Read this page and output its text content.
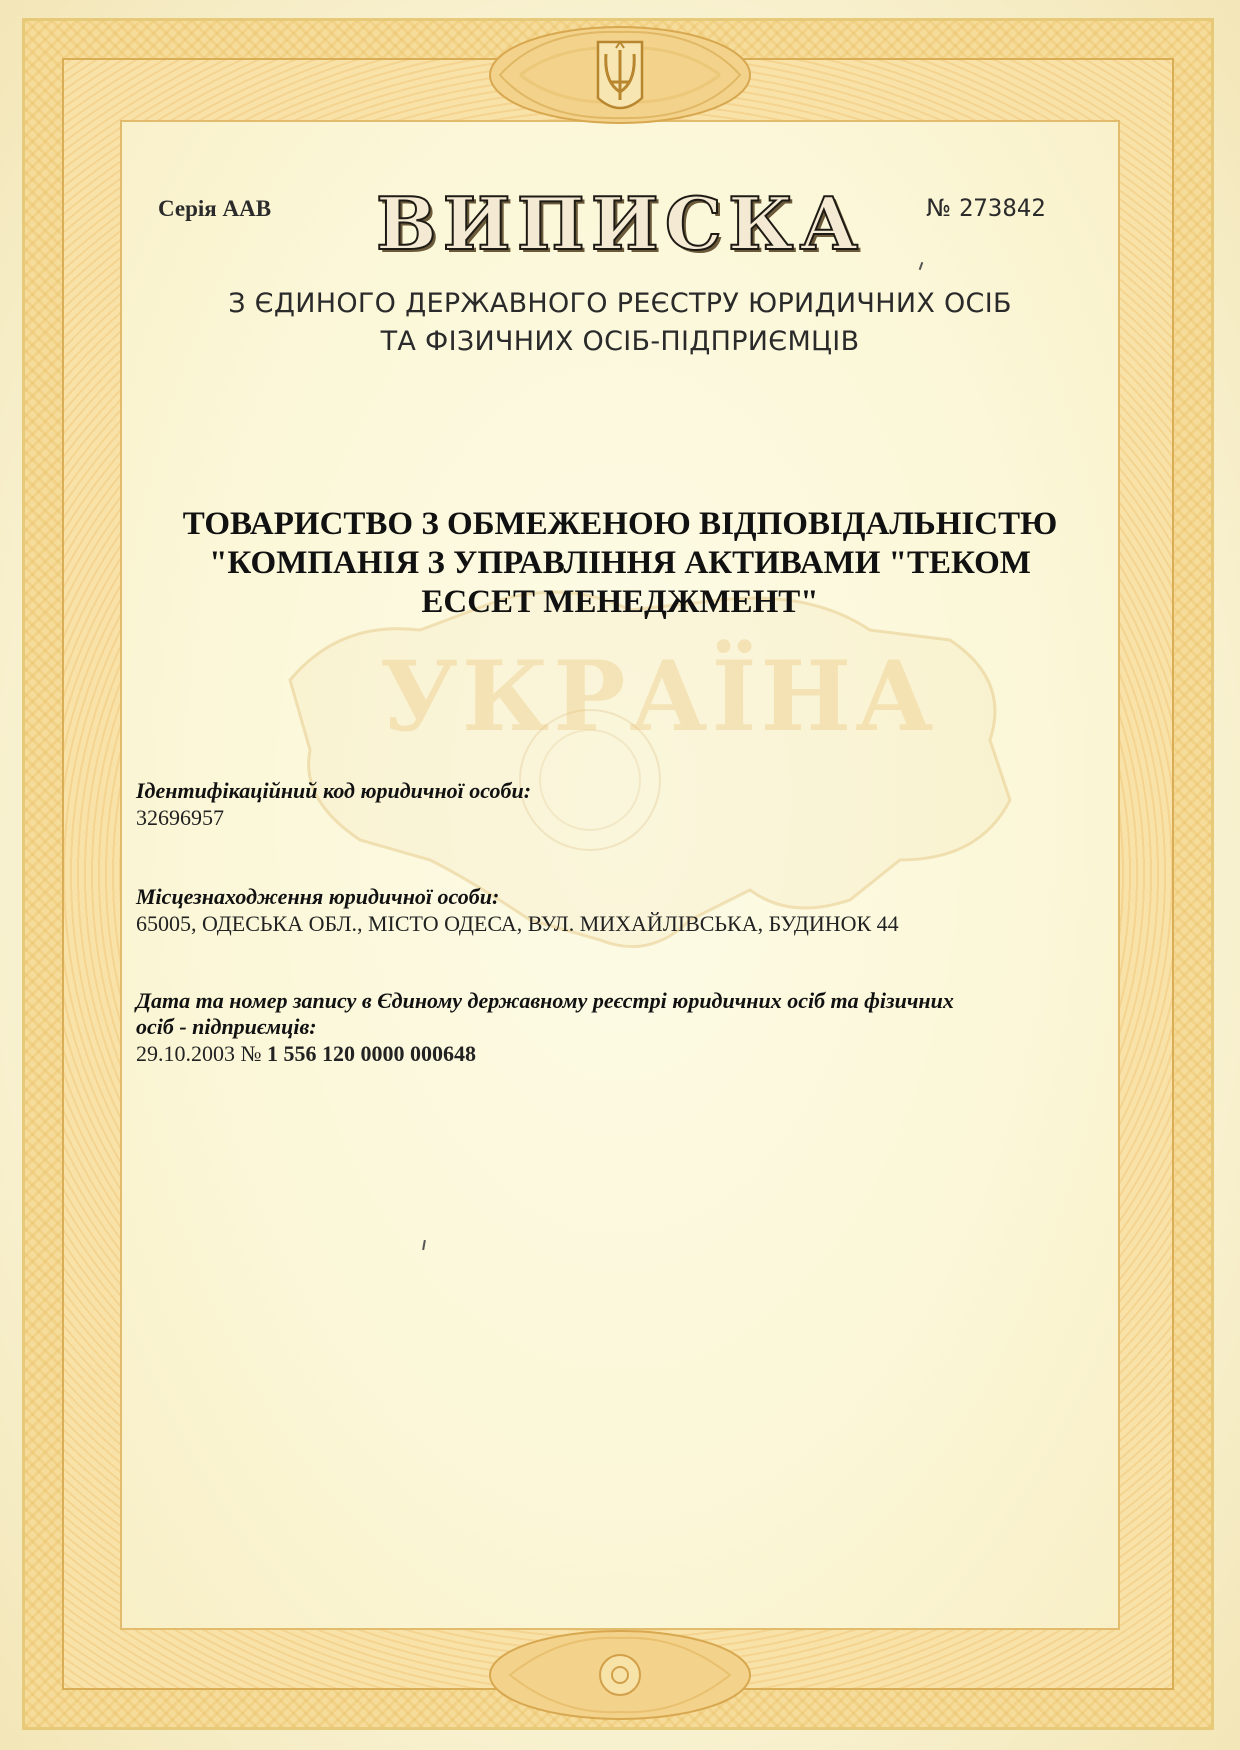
УКРАЇНА
Серія ААВ	№ 273842
ВИПИСКА
З ЄДИНОГО ДЕРЖАВНОГО РЕЄСТРУ ЮРИДИЧНИХ ОСІБ
ТА ФІЗИЧНИХ ОСІБ-ПІДПРИЄМЦІВ
ТОВАРИСТВО З ОБМЕЖЕНОЮ ВІДПОВІДАЛЬНІСТЮ
"КОМПАНІЯ З УПРАВЛІННЯ АКТИВАМИ "ТЕКОМ
ЕССЕТ МЕНЕДЖМЕНТ"
Ідентифікаційний код юридичної особи:
32696957
Місцезнаходження юридичної особи:
65005, ОДЕСЬКА ОБЛ., МІСТО ОДЕСА, ВУЛ. МИХАЙЛІВСЬКА, БУДИНОК 44
Дата та номер запису в Єдиному державному реєстрі юридичних осіб та фізичних
осіб - підприємців:
29.10.2003 № 1 556 120 0000 000648
